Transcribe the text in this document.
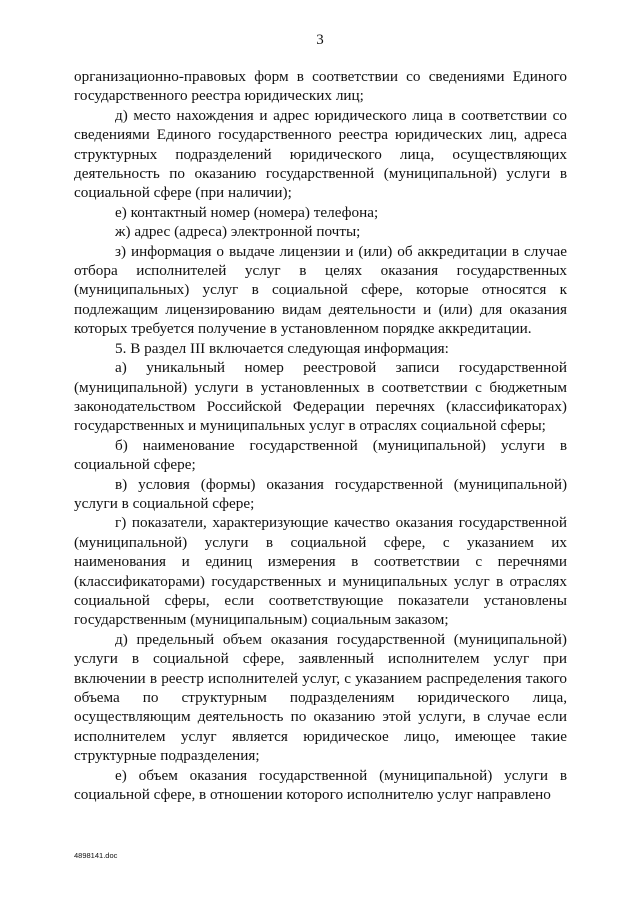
3

организационно-правовых форм в соответствии со сведениями Единого государственного реестра юридических лиц;

д) место нахождения и адрес юридического лица в соответствии со сведениями Единого государственного реестра юридических лиц, адреса структурных подразделений юридического лица, осуществляющих деятельность по оказанию государственной (муниципальной) услуги в социальной сфере (при наличии);

е) контактный номер (номера) телефона;

ж) адрес (адреса) электронной почты;

з) информация о выдаче лицензии и (или) об аккредитации в случае отбора исполнителей услуг в целях оказания государственных (муниципальных) услуг в социальной сфере, которые относятся к подлежащим лицензированию видам деятельности и (или) для оказания которых требуется получение в установленном порядке аккредитации.

5. В раздел III включается следующая информация:

а) уникальный номер реестровой записи государственной (муниципальной) услуги в установленных в соответствии с бюджетным законодательством Российской Федерации перечнях (классификаторах) государственных и муниципальных услуг в отраслях социальной сферы;

б) наименование государственной (муниципальной) услуги в социальной сфере;

в) условия (формы) оказания государственной (муниципальной) услуги в социальной сфере;

г) показатели, характеризующие качество оказания государственной (муниципальной) услуги в социальной сфере, с указанием их наименования и единиц измерения в соответствии с перечнями (классификаторами) государственных и муниципальных услуг в отраслях социальной сферы, если соответствующие показатели установлены государственным (муниципальным) социальным заказом;

д) предельный объем оказания государственной (муниципальной) услуги в социальной сфере, заявленный исполнителем услуг при включении в реестр исполнителей услуг, с указанием распределения такого объема по структурным подразделениям юридического лица, осуществляющим деятельность по оказанию этой услуги, в случае если исполнителем услуг является юридическое лицо, имеющее такие структурные подразделения;

е) объем оказания государственной (муниципальной) услуги в социальной сфере, в отношении которого исполнителю услуг направлено

4898141.doc
